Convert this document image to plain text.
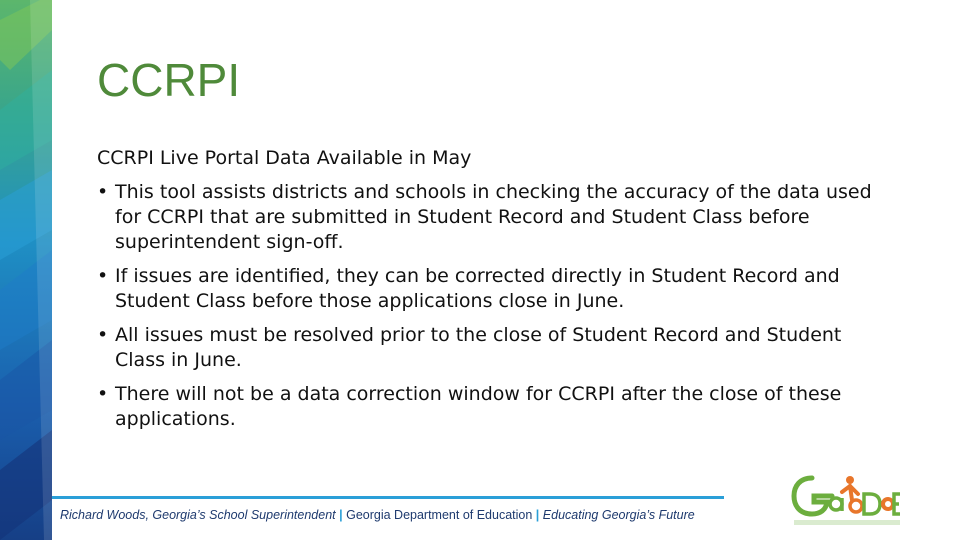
CCRPI

CCRPI Live Portal Data Available in May

• This tool assists districts and schools in checking the accuracy of the data used for CCRPI that are submitted in Student Record and Student Class before superintendent sign-off.
• If issues are identified, they can be corrected directly in Student Record and Student Class before those applications close in June.
• All issues must be resolved prior to the close of Student Record and Student Class in June.
• There will not be a data correction window for CCRPI after the close of these applications.
Richard Woods, Georgia’s School Superintendent | Georgia Department of Education | Educating Georgia’s Future
